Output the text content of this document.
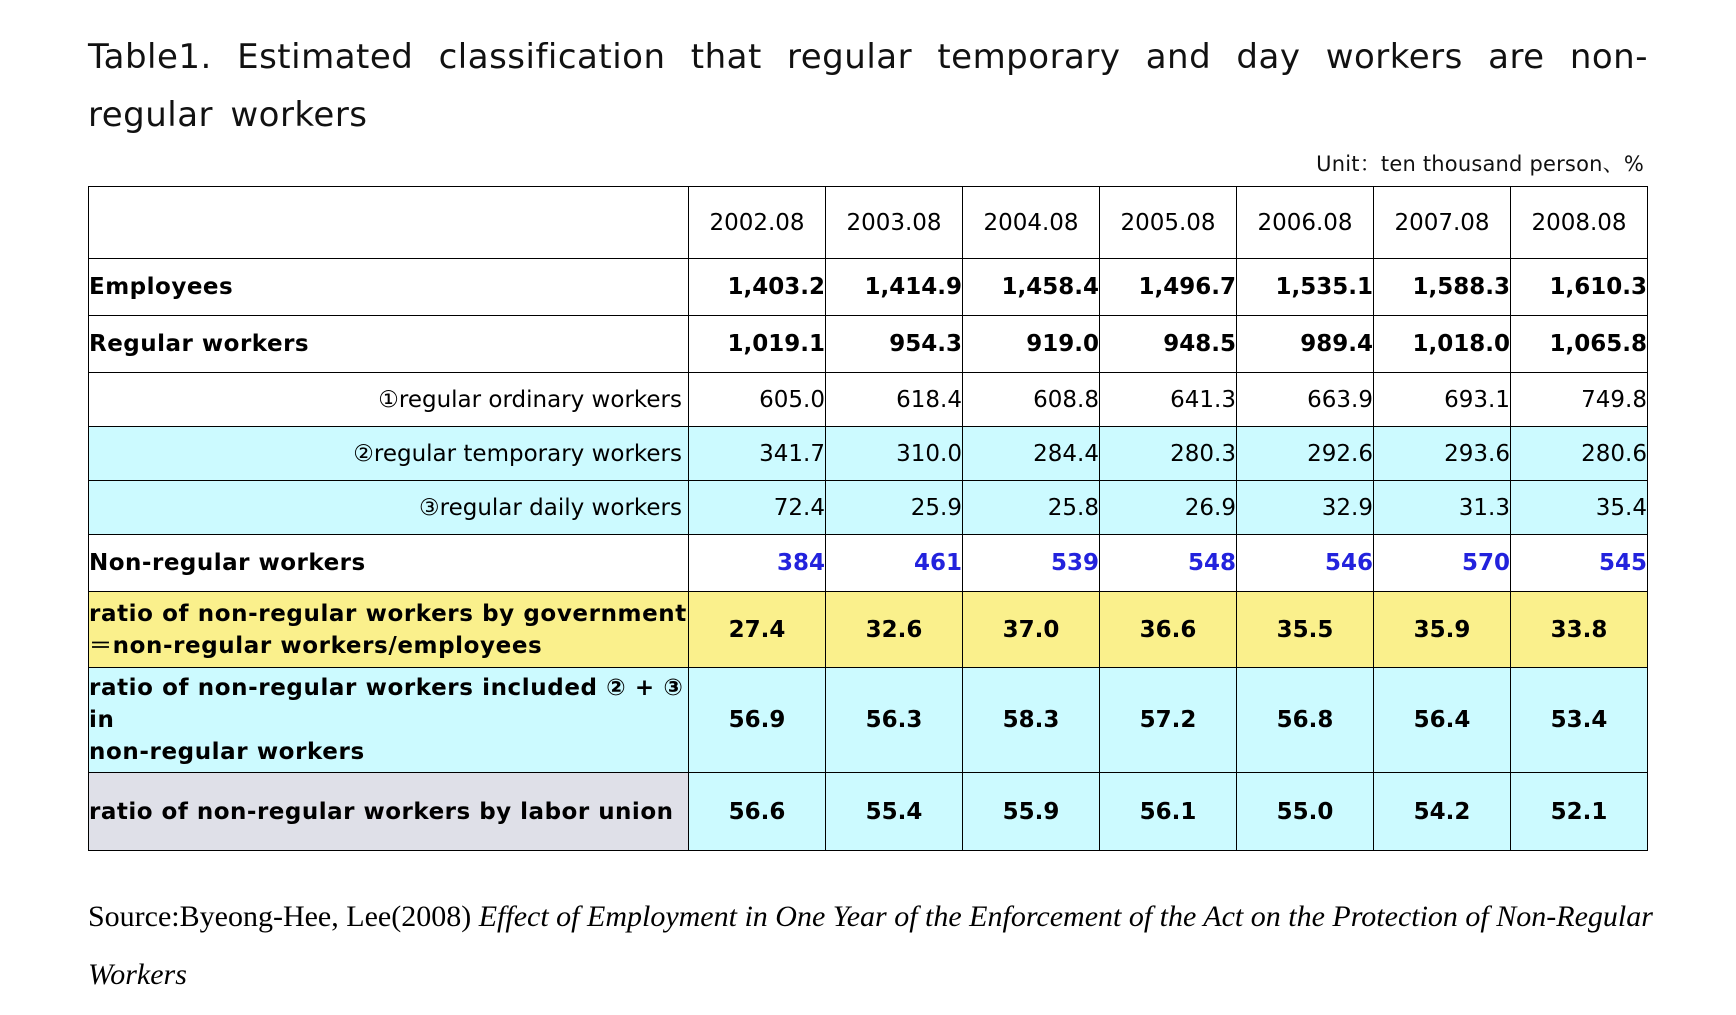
Table1. Estimated classification that regular temporary and day workers are non-regular workers
Unit：ten thousand person、%
	2002.08	2003.08	2004.08	2005.08	2006.08	2007.08	2008.08
Employees	1,403.2	1,414.9	1,458.4	1,496.7	1,535.1	1,588.3	1,610.3
Regular workers	1,019.1	954.3	919.0	948.5	989.4	1,018.0	1,065.8
①regular ordinary workers	605.0	618.4	608.8	641.3	663.9	693.1	749.8
②regular temporary workers	341.7	310.0	284.4	280.3	292.6	293.6	280.6
③regular daily workers	72.4	25.9	25.8	26.9	32.9	31.3	35.4
Non-regular workers	384	461	539	548	546	570	545

ratio of non-regular workers by government
＝non-regular workers/employees	27.4	32.6	37.0	36.6	35.5	35.9	33.8

ratio of non-regular workers included ② + ③ in
non-regular workers	56.9	56.3	58.3	57.2	56.8	56.4	53.4
ratio of non-regular workers by labor union	56.6	55.4	55.9	56.1	55.0	54.2	52.1
Source:Byeong-Hee, Lee(2008) Effect of Employment in One Year of the Enforcement of the Act on the Protection of Non-Regular Workers
